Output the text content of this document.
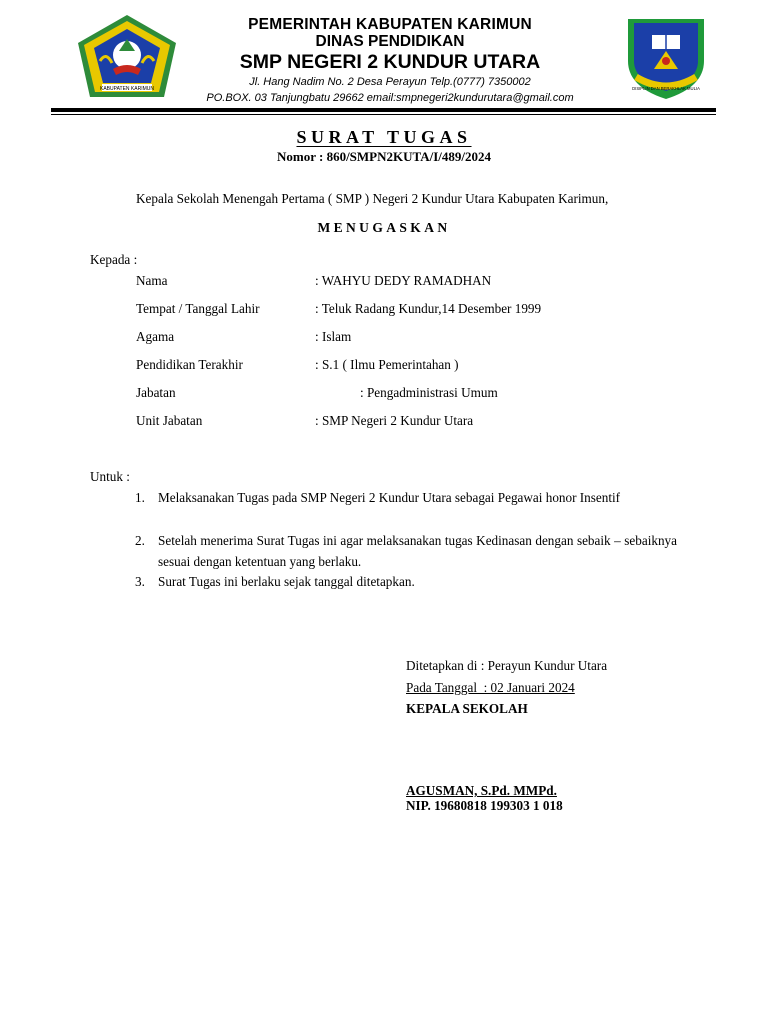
KABUPATEN KARIMUN	DISIPLIN DAN BERAKHLAK MULIA
PEMERINTAH KABUPATEN KARIMUN
DINAS PENDIDIKAN
SMP NEGERI 2 KUNDUR UTARA
Jl. Hang Nadim No. 2 Desa Perayun Telp.(0777) 7350002
PO.BOX. 03 Tanjungbatu 29662 email:smpnegeri2kundurutara@gmail.com
SURAT TUGAS
Nomor : 860/SMPN2KUTA/I/489/2024
Kepala Sekolah Menengah Pertama ( SMP ) Negeri 2 Kundur Utara Kabupaten Karimun,
MENUGASKAN
Kepada :
Nama	: WAHYU DEDY RAMADHAN
Tempat / Tanggal Lahir	: Teluk Radang Kundur,14 Desember 1999
Agama	: Islam
Pendidikan Terakhir	: S.1 ( Ilmu Pemerintahan )
Jabatan	: Pengadministrasi Umum
Unit Jabatan	: SMP Negeri 2 Kundur Utara
Untuk :
1. Melaksanakan Tugas pada SMP Negeri 2 Kundur Utara sebagai Pegawai honor Insentif
2. Setelah menerima Surat Tugas ini agar melaksanakan tugas Kedinasan dengan sebaik – sebaiknya sesuai dengan ketentuan yang berlaku.
3. Surat Tugas ini berlaku sejak tanggal ditetapkan.
Ditetapkan di : Perayun Kundur Utara
Pada Tanggal  : 02 Januari 2024
KEPALA SEKOLAH
AGUSMAN, S.Pd. MMPd.
NIP. 19680818 199303 1 018
